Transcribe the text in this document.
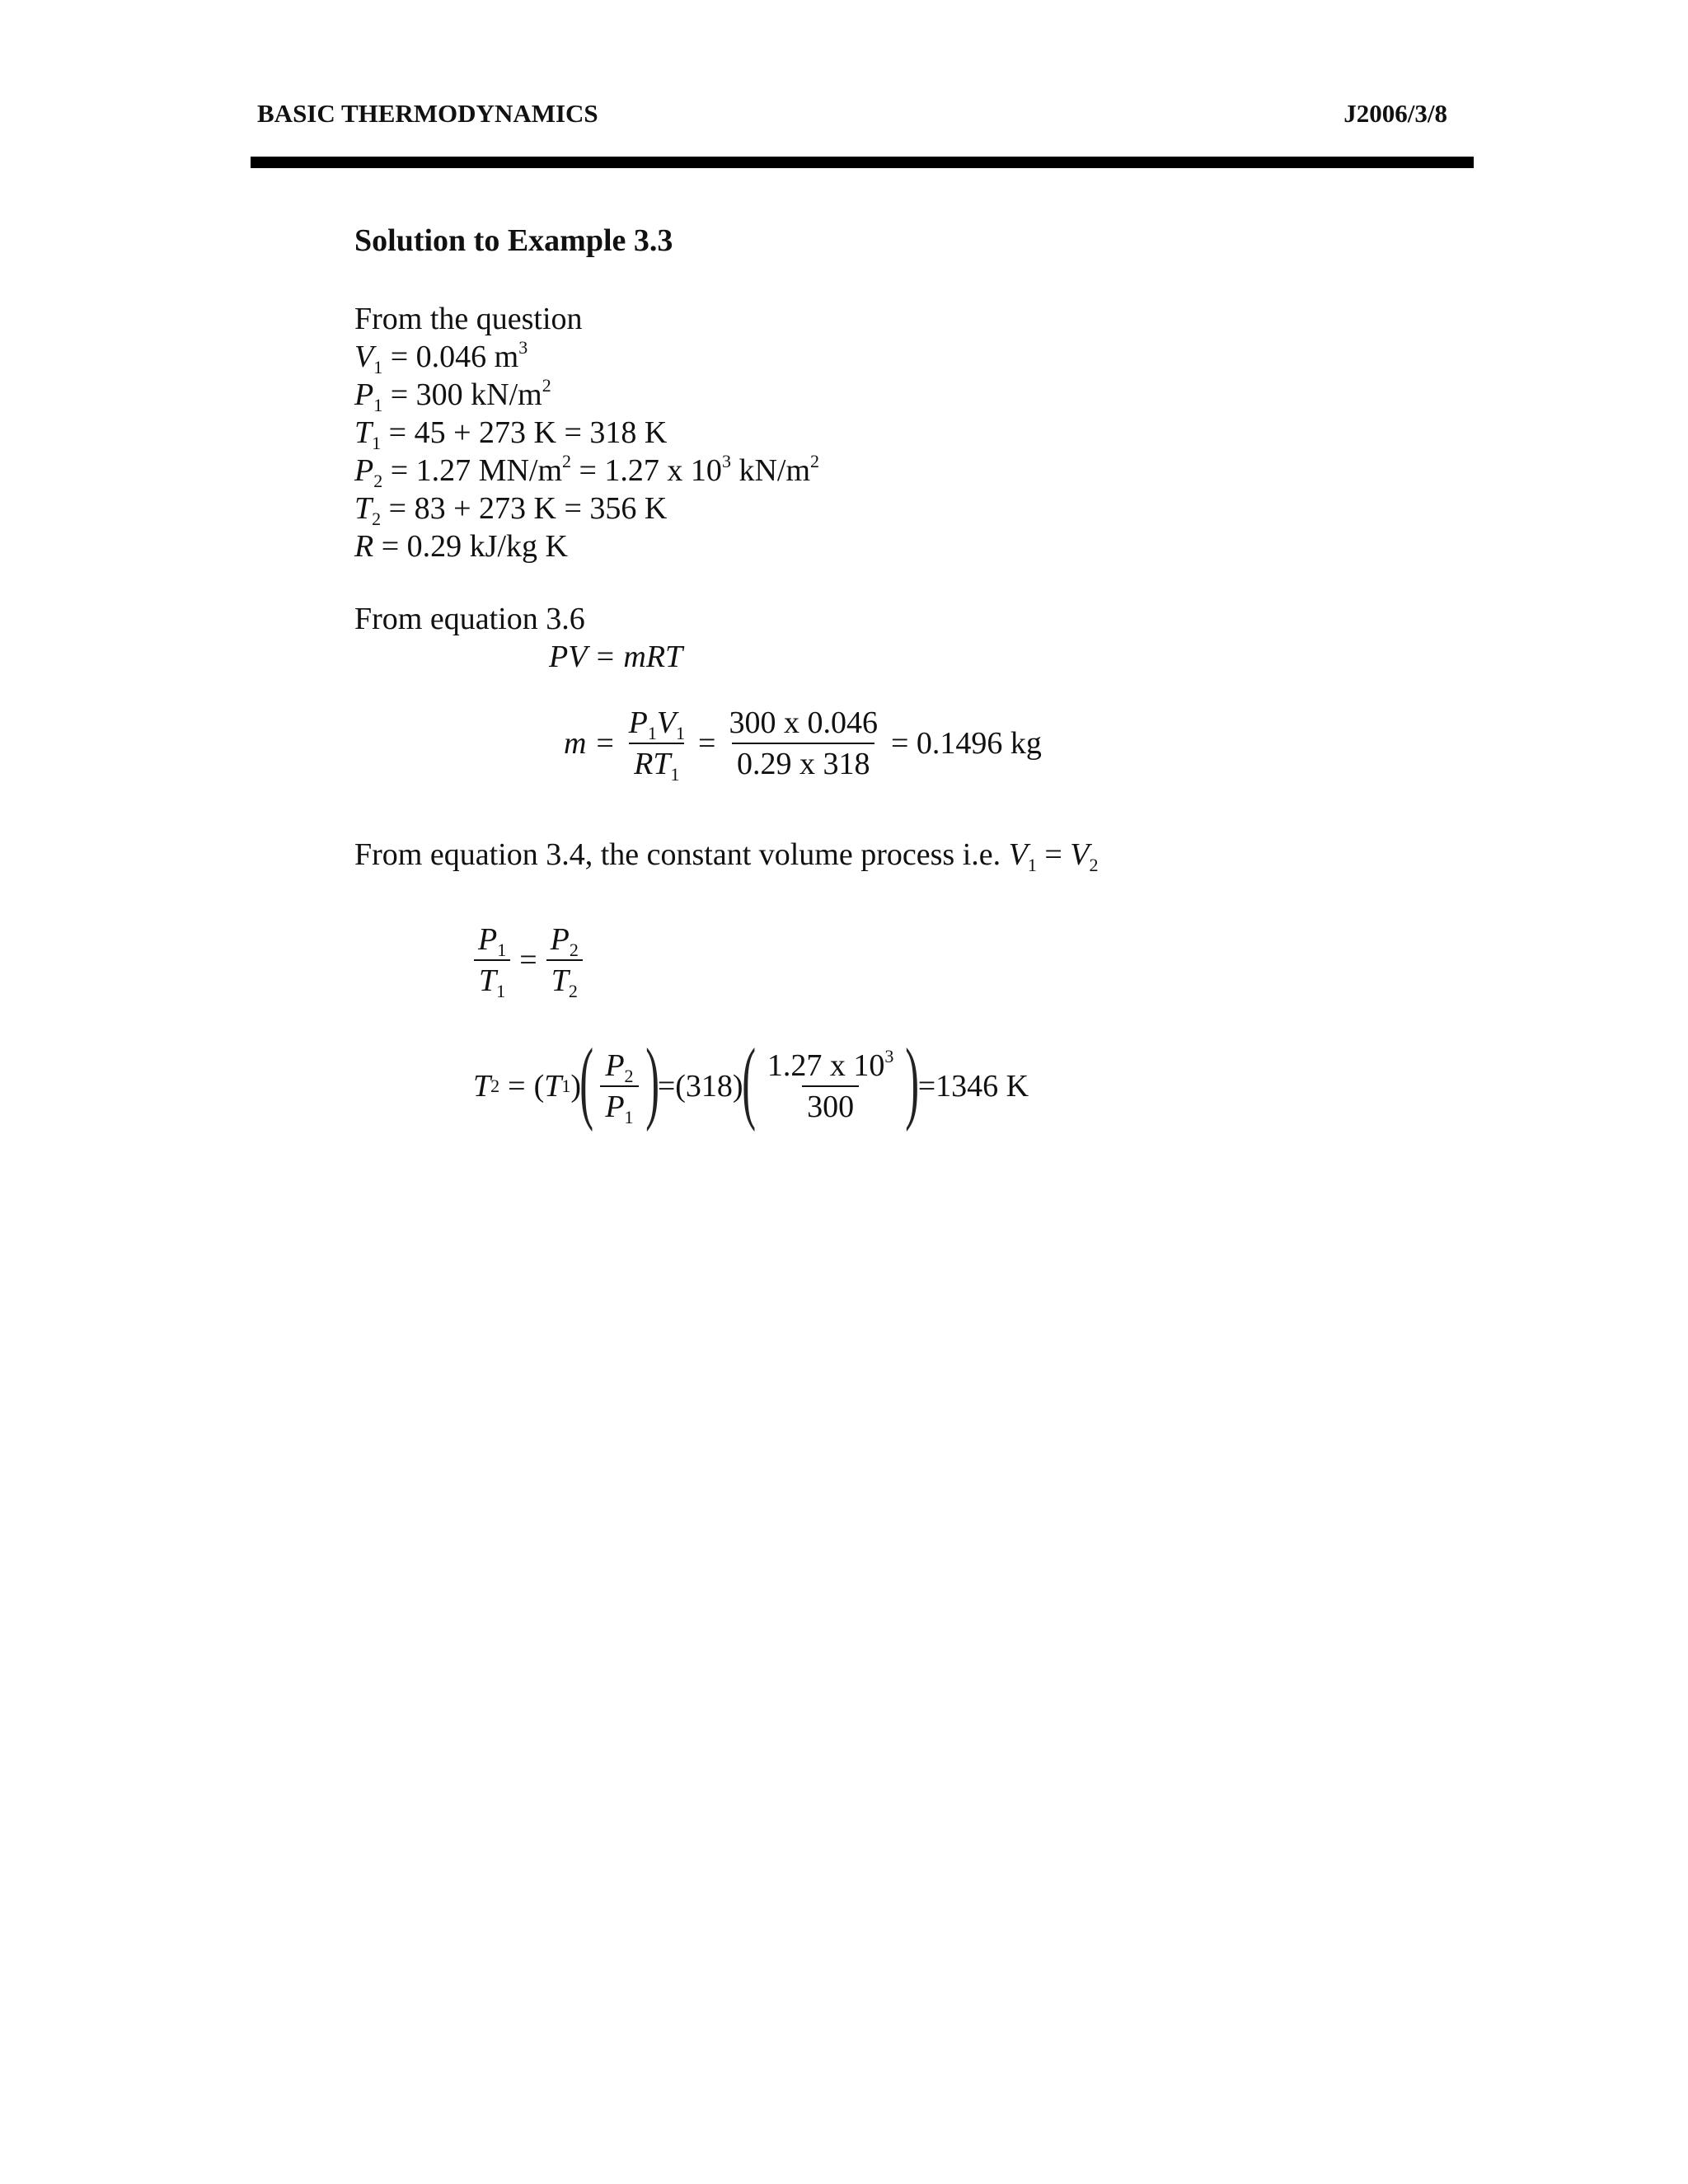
BASIC THERMODYNAMICS	J2006/3/8
Solution to Example 3.3
From the question
$V_1 = 0.046$ $m^3$
$P_1 = 300$ $kN/m^2$
$T_1 = 45 + 273$ K = 318 K
$P_2 = 1.27$ $MN/m^2 = 1.27$ x $10^3$ $kN/m^2$
$T_2 = 83 + 273$ K = 356 K
R = 0.29 kJ/kg K
From equation 3.6
PV = mRT
$m = \frac{P_1V_1}{RT_1} = \frac{300 x 0.046}{0.29 x 318} = 0.1496$ kg
From equation 3.4, the constant volume process i.e. $V_1 = V_2$
$\frac{P_1}{T_1} = \frac{P_2}{T_2}$
T 2 = ( T 1 )
( $\frac{P_2}{P_1}$ )
= (318)
( $\frac{1.27 x 10^3}{300}$ )
= 1346 K
